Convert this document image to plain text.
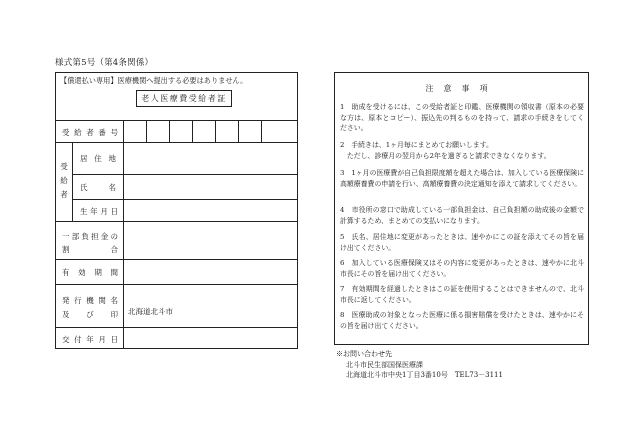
様式第5号（第4条関係）
【償還払い専用】医療機関へ提出する必要はありません。
老人医療費受給者証
受 給 者 番 号
受給者
居 住 地
氏	名
生 年 月 日
一 部 負 担 金 の
割	合
有 効 期 間
発 行 機 関 名
及 び 印 北海道北斗市
交 付 年 月 日
注意事項
1　助成を受けるには、この受給者証と印鑑、医療機関の領収書（原本の必要な方は、原本とコピー）、振込先の判るものを持って、請求の手続きをしてください。
2　手続きは、1ヶ月毎にまとめてお願いします。
　ただし、診療月の翌月から2年を過ぎると請求できなくなります。
3　1ヶ月の医療費が自己負担限度額を超えた場合は、加入している医療保険に高額療養費の申請を行い、高額療養費の決定通知を添えて請求してください。
4　市役所の窓口で助成している一部負担金は、自己負担額の助成後の金額で計算するため、まとめての支払いになります。
5　氏名、居住地に変更があったときは、速やかにこの証を添えてその旨を届け出てください。
6　加入している医療保険又はその内容に変更があったときは、速やかに北斗市長にその旨を届け出てください。
7　有効期間を経過したときはこの証を使用することはできませんので、北斗市長に返してください。
8　医療助成の対象となった医療に係る損害賠償を受けたときは、速やかにその旨を届け出てください。
※お問い合わせ先
北斗市民生部国保医療課
北海道北斗市中央1丁目3番10号　TEL73－3111
